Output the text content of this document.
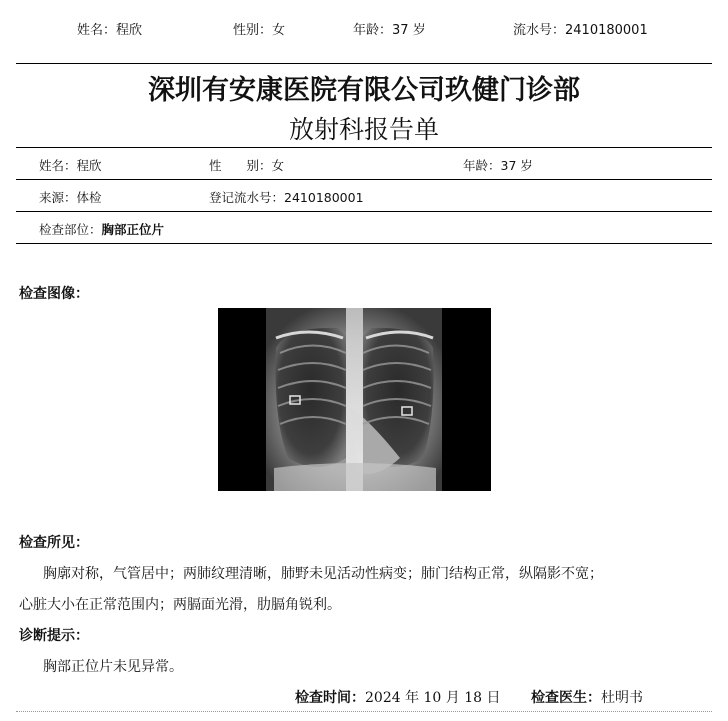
姓名：程欣	性别：女	年龄：37 岁	流水号：2410180001
深圳有安康医院有限公司玖健门诊部
放射科报告单
姓名：程欣	性　　别：女	年龄：37 岁
来源：体检	登记流水号：2410180001
检查部位：胸部正位片
检查图像：
检查所见：
胸廓对称，气管居中；两肺纹理清晰，肺野未见活动性病变；肺门结构正常，纵隔影不宽；
心脏大小在正常范围内；两膈面光滑，肋膈角锐利。
诊断提示：
胸部正位片未见异常。
检查时间：2024 年 10 月 18 日 检查医生：杜明书
